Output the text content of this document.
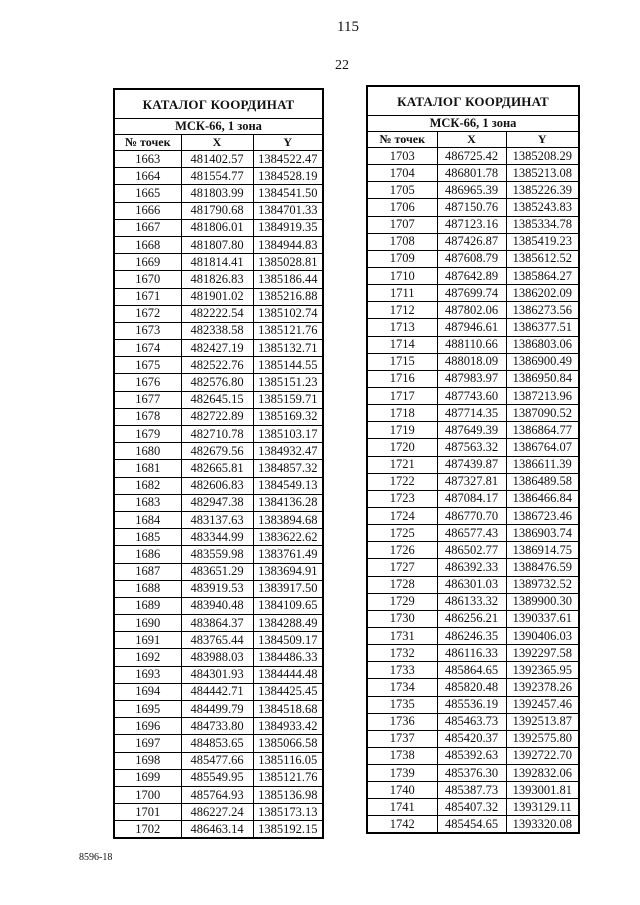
115
22
КАТАЛОГ КООРДИНАТ		
МСК-66, 1 зона		
№ точек	X	Y
1663	481402.57	1384522.47
1664	481554.77	1384528.19
1665	481803.99	1384541.50
1666	481790.68	1384701.33
1667	481806.01	1384919.35
1668	481807.80	1384944.83
1669	481814.41	1385028.81
1670	481826.83	1385186.44
1671	481901.02	1385216.88
1672	482222.54	1385102.74
1673	482338.58	1385121.76
1674	482427.19	1385132.71
1675	482522.76	1385144.55
1676	482576.80	1385151.23
1677	482645.15	1385159.71
1678	482722.89	1385169.32
1679	482710.78	1385103.17
1680	482679.56	1384932.47
1681	482665.81	1384857.32
1682	482606.83	1384549.13
1683	482947.38	1384136.28
1684	483137.63	1383894.68
1685	483344.99	1383622.62
1686	483559.98	1383761.49
1687	483651.29	1383694.91
1688	483919.53	1383917.50
1689	483940.48	1384109.65
1690	483864.37	1384288.49
1691	483765.44	1384509.17
1692	483988.03	1384486.33
1693	484301.93	1384444.48
1694	484442.71	1384425.45
1695	484499.79	1384518.68
1696	484733.80	1384933.42
1697	484853.65	1385066.58
1698	485477.66	1385116.05
1699	485549.95	1385121.76
1700	485764.93	1385136.98
1701	486227.24	1385173.13
1702	486463.14	1385192.15
КАТАЛОГ КООРДИНАТ		
МСК-66, 1 зона		
№ точек	X	Y
1703	486725.42	1385208.29
1704	486801.78	1385213.08
1705	486965.39	1385226.39
1706	487150.76	1385243.83
1707	487123.16	1385334.78
1708	487426.87	1385419.23
1709	487608.79	1385612.52
1710	487642.89	1385864.27
1711	487699.74	1386202.09
1712	487802.06	1386273.56
1713	487946.61	1386377.51
1714	488110.66	1386803.06
1715	488018.09	1386900.49
1716	487983.97	1386950.84
1717	487743.60	1387213.96
1718	487714.35	1387090.52
1719	487649.39	1386864.77
1720	487563.32	1386764.07
1721	487439.87	1386611.39
1722	487327.81	1386489.58
1723	487084.17	1386466.84
1724	486770.70	1386723.46
1725	486577.43	1386903.74
1726	486502.77	1386914.75
1727	486392.33	1388476.59
1728	486301.03	1389732.52
1729	486133.32	1389900.30
1730	486256.21	1390337.61
1731	486246.35	1390406.03
1732	486116.33	1392297.58
1733	485864.65	1392365.95
1734	485820.48	1392378.26
1735	485536.19	1392457.46
1736	485463.73	1392513.87
1737	485420.37	1392575.80
1738	485392.63	1392722.70
1739	485376.30	1392832.06
1740	485387.73	1393001.81
1741	485407.32	1393129.11
1742	485454.65	1393320.08
8596-18
